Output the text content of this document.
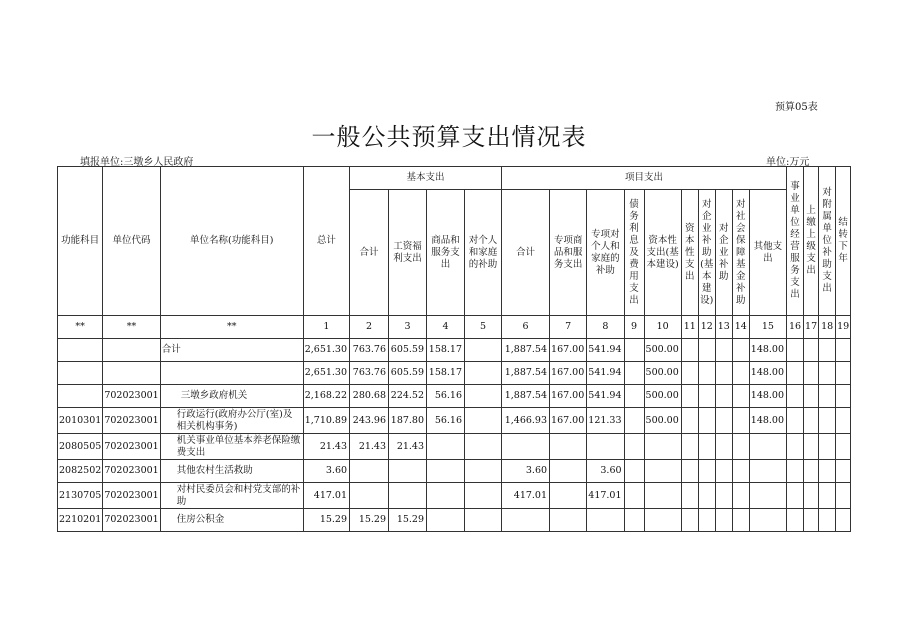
预算05表
一般公共预算支出情况表
填报单位:三墩乡人民政府	单位:万元
功能科目	单位代码	单位名称(功能科目)	总计	基本支出				项目支出										事业单位经营服务支出	上缴上级支出	对附属单位补助支出	结转下年
				合计	工资福利支出	商品和服务支出	对个人和家庭的补助	合计	专项商品和服务支出	专项对个人和家庭的补助	债务利息及费用支出	资本性支出(基本建设)	资本性支出	对企业补助(基本建设)	对企业补助	对社会保障基金补助	其他支出				
**	**	**	1	2	3	4	5	6	7	8	9	10	11	12	13	14	15	16	17	18	19
		合计	2,651.30	763.76	605.59	158.17		1,887.54	167.00	541.94		500.00					148.00				
			2,651.30	763.76	605.59	158.17		1,887.54	167.00	541.94		500.00					148.00				
	702023001	三墩乡政府机关	2,168.22	280.68	224.52	56.16		1,887.54	167.00	541.94		500.00					148.00				
2010301	702023001	行政运行(政府办公厅(室)及相关机构事务)	1,710.89	243.96	187.80	56.16		1,466.93	167.00	121.33		500.00					148.00				
2080505	702023001	机关事业单位基本养老保险缴费支出	21.43	21.43	21.43																
2082502	702023001	其他农村生活救助	3.60					3.60		3.60											
2130705	702023001	对村民委员会和村党支部的补助	417.01					417.01		417.01											
2210201	702023001	住房公积金	15.29	15.29	15.29																
